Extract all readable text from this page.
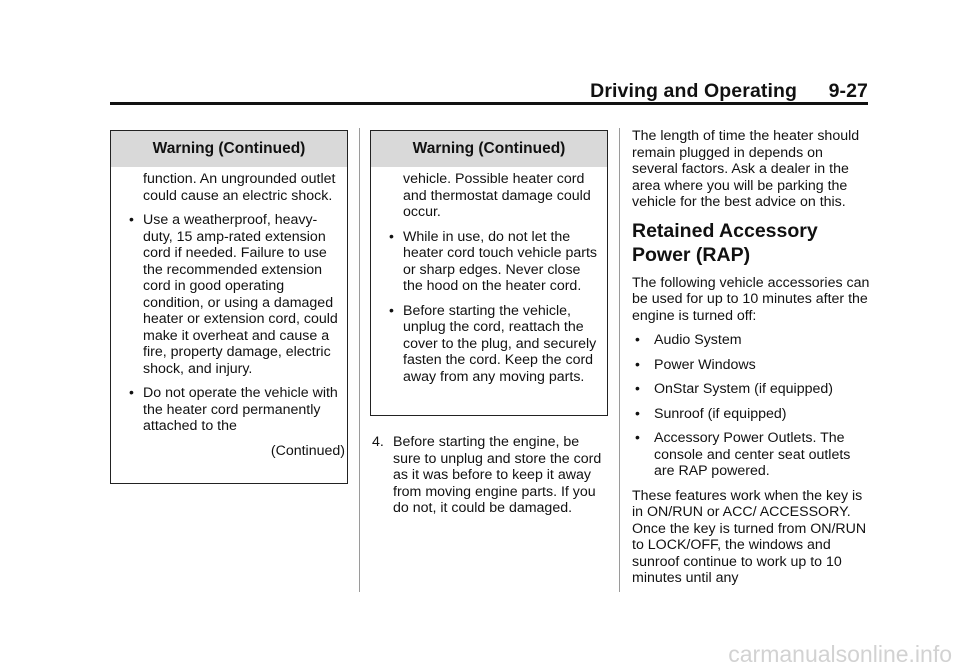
Driving and Operating 9-27
Warning (Continued)

function. An ungrounded outlet could cause an electric shock.

• Use a weatherproof, heavy-duty, 15 amp-rated extension cord if needed. Failure to use the recommended extension cord in good operating condition, or using a damaged heater or extension cord, could make it overheat and cause a fire, property damage, electric shock, and injury.
• Do not operate the vehicle with the heater cord permanently attached to the

(Continued)

Warning (Continued)

vehicle. Possible heater cord and thermostat damage could occur.

• While in use, do not let the heater cord touch vehicle parts or sharp edges. Never close the hood on the heater cord.
• Before starting the vehicle, unplug the cord, reattach the cover to the plug, and securely fasten the cord. Keep the cord away from any moving parts.
4. Before starting the engine, be sure to unplug and store the cord as it was before to keep it away from moving engine parts. If you do not, it could be damaged.

The length of time the heater should remain plugged in depends on several factors. Ask a dealer in the area where you will be parking the vehicle for the best advice on this.

Retained Accessory Power (RAP)

The following vehicle accessories can be used for up to 10 minutes after the engine is turned off:

• Audio System
• Power Windows
• OnStar System (if equipped)
• Sunroof (if equipped)
• Accessory Power Outlets. The console and center seat outlets are RAP powered.

These features work when the key is in ON/RUN or ACC/ ACCESSORY. Once the key is turned from ON/RUN to LOCK/OFF, the windows and sunroof continue to work up to 10 minutes until any

carmanualsonline.info
